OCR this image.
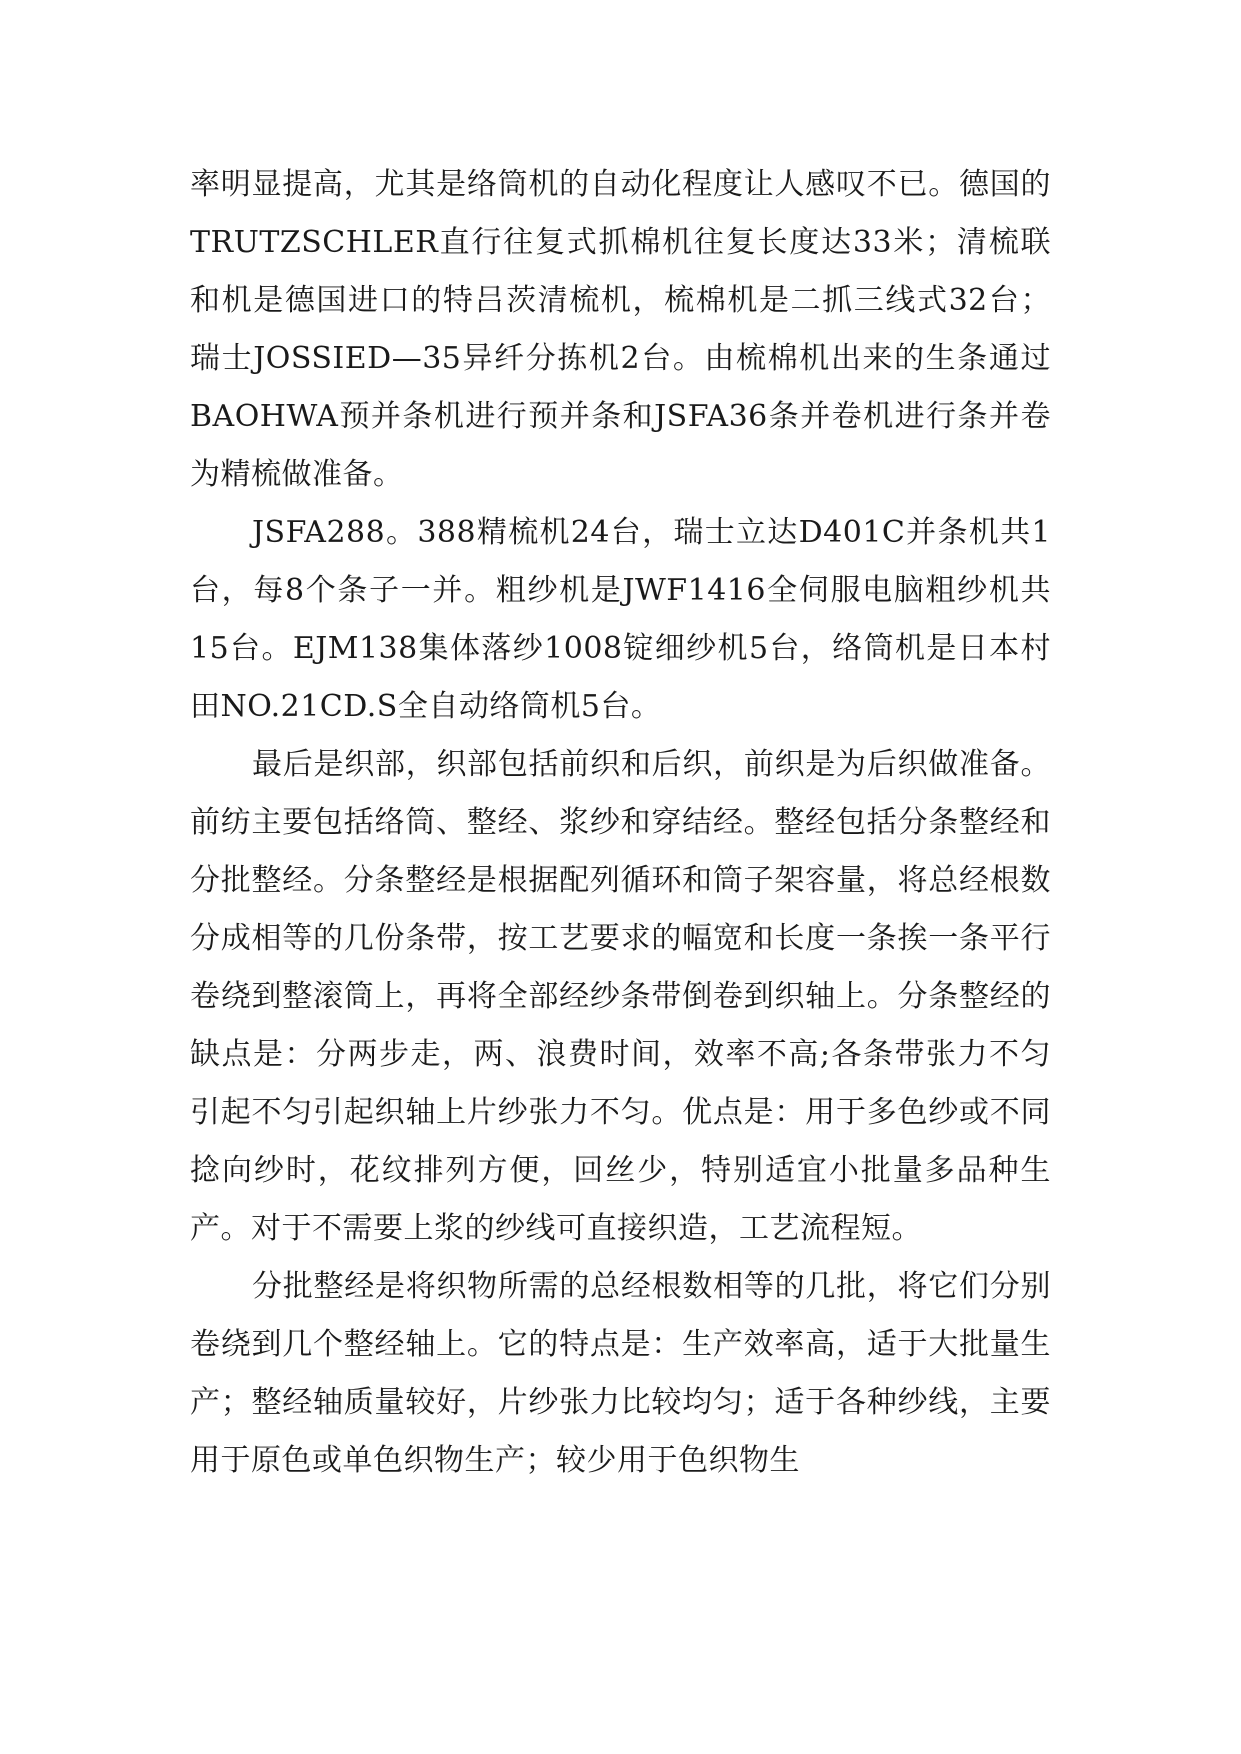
率明显提高，尤其是络筒机的自动化程度让人感叹不已。德国的TRUTZSCHLER直行往复式抓棉机往复长度达33米；清梳联和机是德国进口的特吕茨清梳机，梳棉机是二抓三线式32台；瑞士JOSSIED—35异纤分拣机2台。由梳棉机出来的生条通过BAOHWA预并条机进行预并条和JSFA36条并卷机进行条并卷为精梳做准备。

JSFA288。388精梳机24台，瑞士立达D401C并条机共1台，每8个条子一并。粗纱机是JWF1416全伺服电脑粗纱机共15台。EJM138集体落纱1008锭细纱机5台，络筒机是日本村田NO.21CD.S全自动络筒机5台。

最后是织部，织部包括前织和后织，前织是为后织做准备。前纺主要包括络筒、整经、浆纱和穿结经。整经包括分条整经和分批整经。分条整经是根据配列循环和筒子架容量，将总经根数分成相等的几份条带，按工艺要求的幅宽和长度一条挨一条平行卷绕到整滚筒上，再将全部经纱条带倒卷到织轴上。分条整经的缺点是：分两步走，两、浪费时间，效率不高;各条带张力不匀引起不匀引起织轴上片纱张力不匀。优点是：用于多色纱或不同捻向纱时，花纹排列方便，回丝少，特别适宜小批量多品种生产。对于不需要上浆的纱线可直接织造，工艺流程短。

分批整经是将织物所需的总经根数相等的几批，将它们分别卷绕到几个整经轴上。它的特点是：生产效率高，适于大批量生产；整经轴质量较好，片纱张力比较均匀；适于各种纱线，主要用于原色或单色织物生产；较少用于色织物生
